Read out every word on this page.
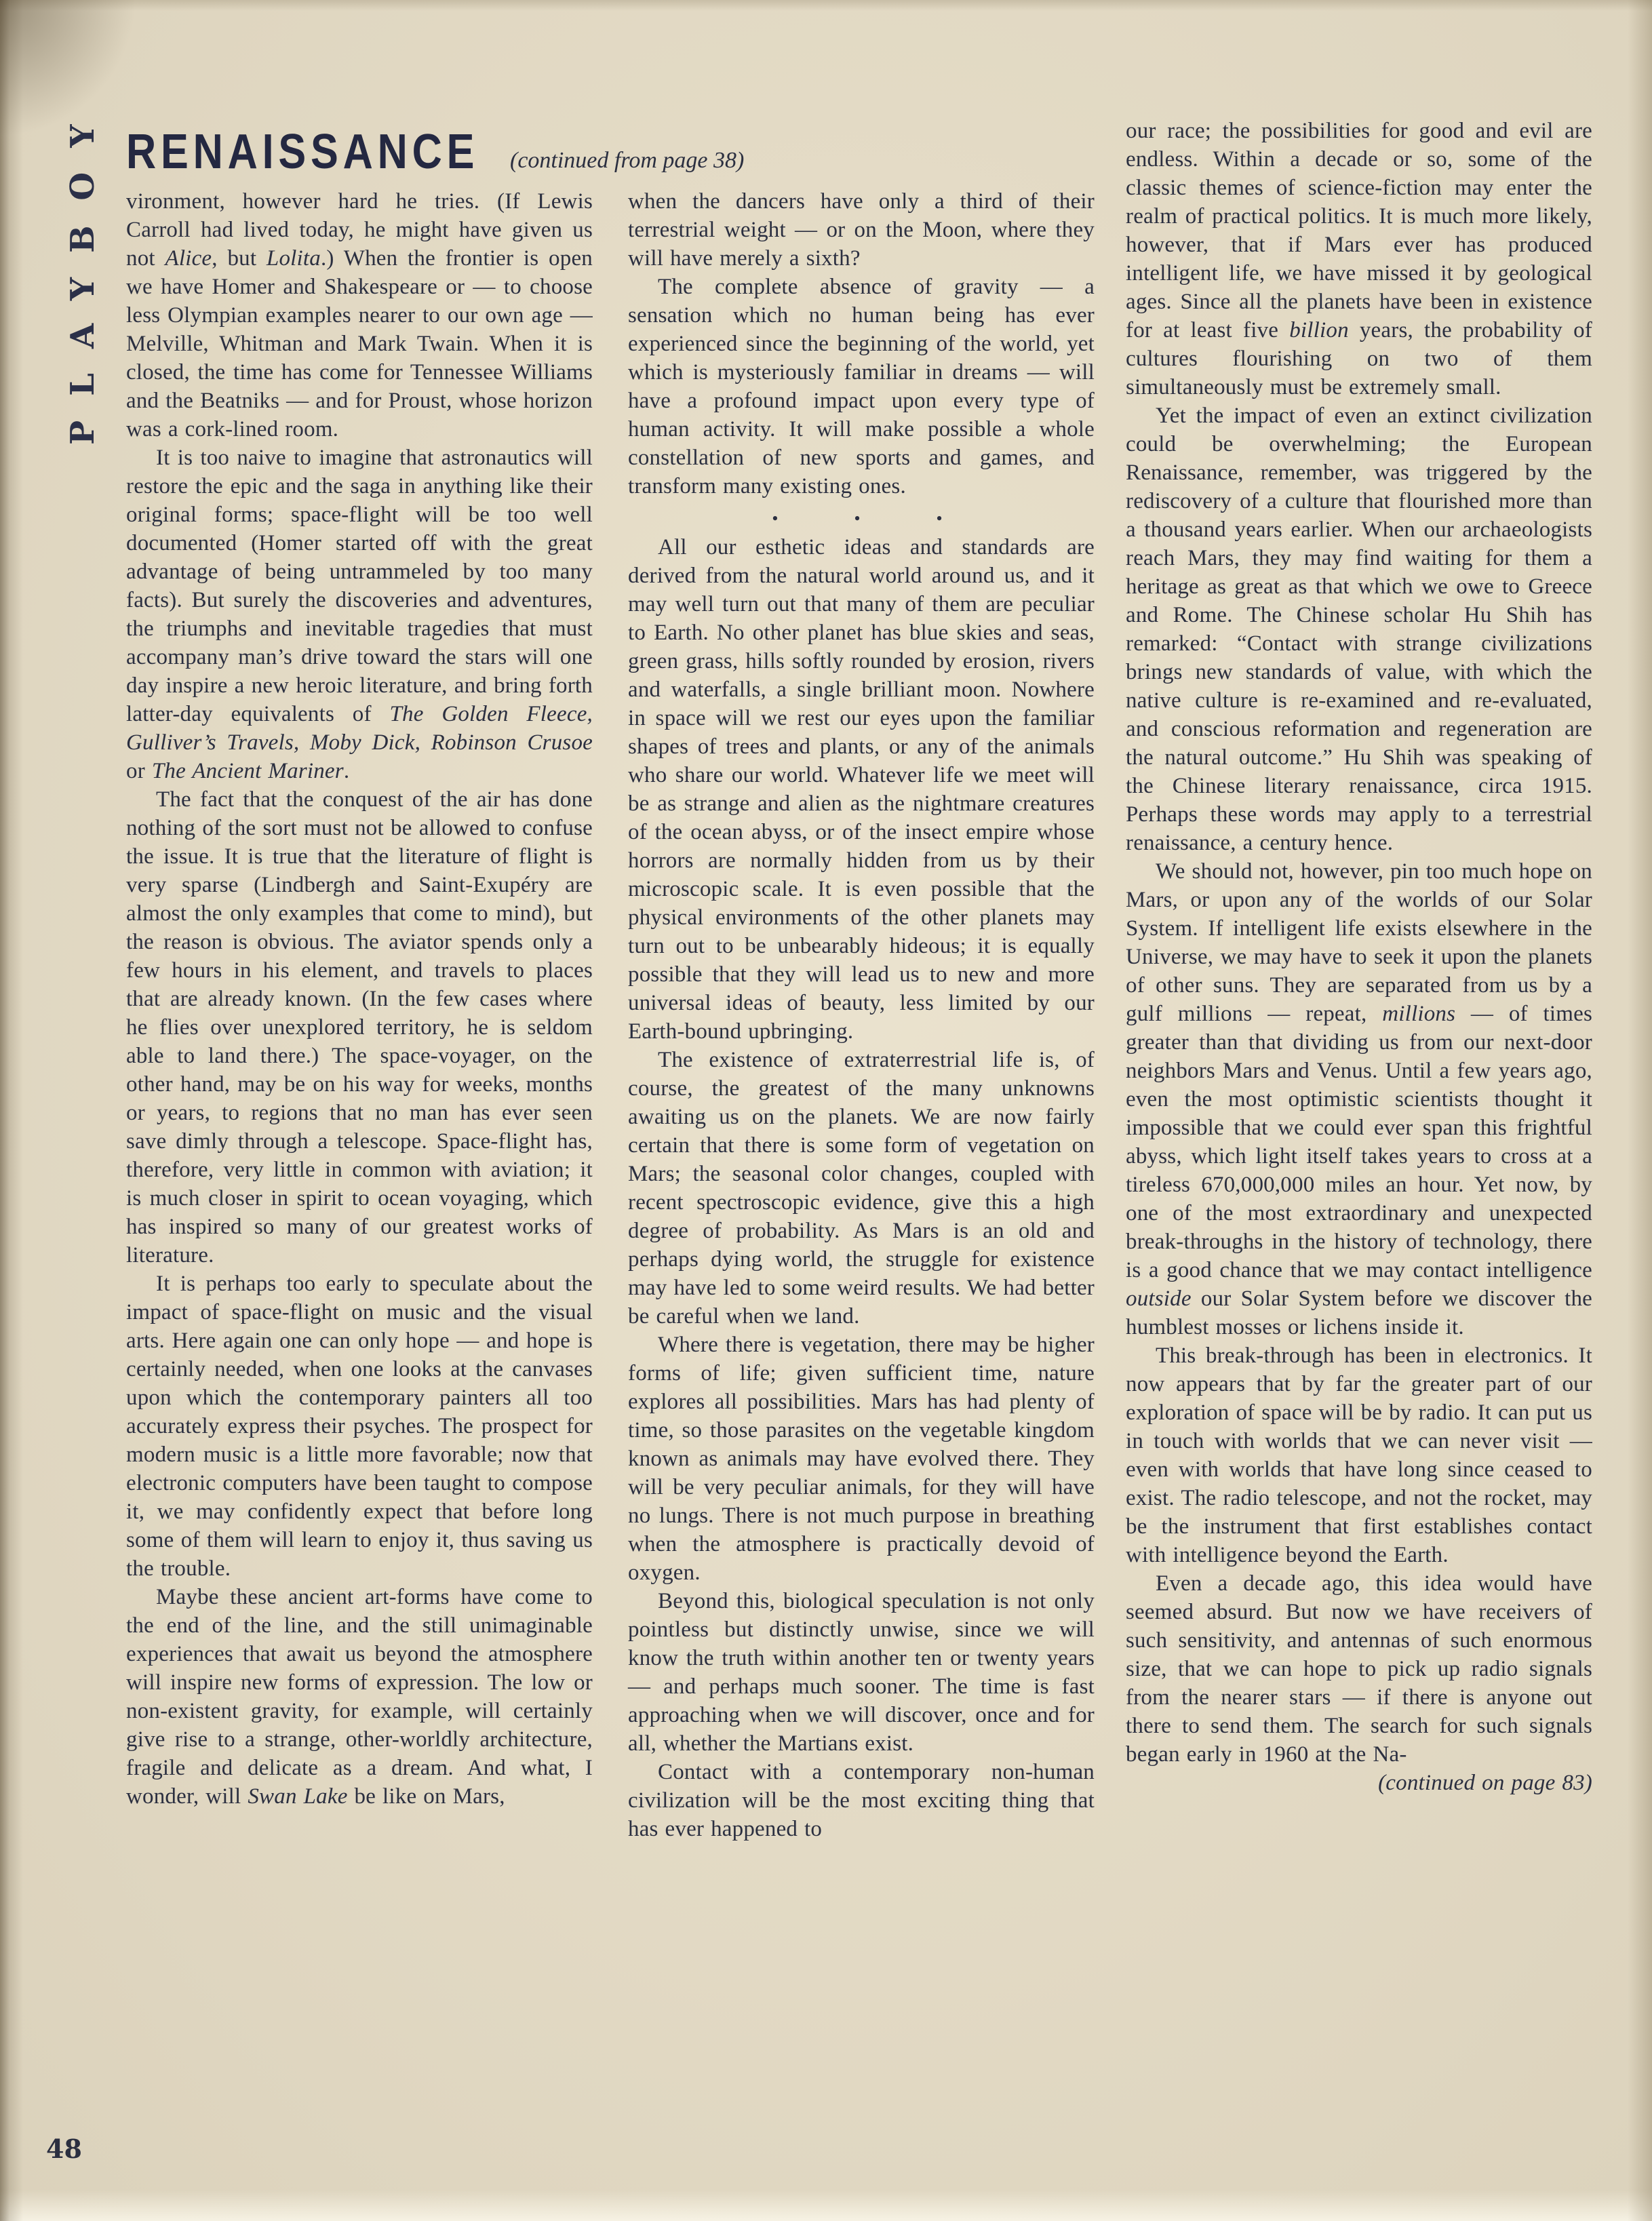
PLAYBOY RENAISSANCE (continued from page 38)

vironment, however hard he tries. (If Lewis Carroll had lived today, he might have given us not Alice, but Lolita.) When the frontier is open we have Homer and Shakespeare or — to choose less Olympian examples nearer to our own age — Melville, Whitman and Mark Twain. When it is closed, the time has come for Tennessee Williams and the Beatniks — and for Proust, whose horizon was a cork-lined room.

It is too naive to imagine that astronautics will restore the epic and the saga in anything like their original forms; space-flight will be too well documented (Homer started off with the great advantage of being untrammeled by too many facts). But surely the discoveries and adventures, the triumphs and inevitable tragedies that must accompany man’s drive toward the stars will one day inspire a new heroic literature, and bring forth latter-day equivalents of The Golden Fleece, Gulliver’s Travels, Moby Dick, Robinson Crusoe or The Ancient Mariner.

The fact that the conquest of the air has done nothing of the sort must not be allowed to confuse the issue. It is true that the literature of flight is very sparse (Lindbergh and Saint-Exupéry are almost the only examples that come to mind), but the reason is obvious. The aviator spends only a few hours in his element, and travels to places that are already known. (In the few cases where he flies over unexplored territory, he is seldom able to land there.) The space-voyager, on the other hand, may be on his way for weeks, months or years, to regions that no man has ever seen save dimly through a telescope. Space-flight has, therefore, very little in common with aviation; it is much closer in spirit to ocean voyaging, which has inspired so many of our greatest works of literature.

It is perhaps too early to speculate about the impact of space-flight on music and the visual arts. Here again one can only hope — and hope is certainly needed, when one looks at the canvases upon which the contemporary painters all too accurately express their psyches. The prospect for modern music is a little more favorable; now that electronic computers have been taught to compose it, we may confidently expect that before long some of them will learn to enjoy it, thus saving us the trouble.

Maybe these ancient art-forms have come to the end of the line, and the still unimaginable experiences that await us beyond the atmosphere will inspire new forms of expression. The low or non-existent gravity, for example, will certainly give rise to a strange, other-worldly architecture, fragile and delicate as a dream. And what, I wonder, will Swan Lake be like on Mars,

when the dancers have only a third of their terrestrial weight — or on the Moon, where they will have merely a sixth?

The complete absence of gravity — a sensation which no human being has ever experienced since the beginning of the world, yet which is mysteriously familiar in dreams — will have a profound impact upon every type of human activity. It will make possible a whole constellation of new sports and games, and transform many existing ones.

• • •

All our esthetic ideas and standards are derived from the natural world around us, and it may well turn out that many of them are peculiar to Earth. No other planet has blue skies and seas, green grass, hills softly rounded by erosion, rivers and waterfalls, a single brilliant moon. Nowhere in space will we rest our eyes upon the familiar shapes of trees and plants, or any of the animals who share our world. Whatever life we meet will be as strange and alien as the nightmare creatures of the ocean abyss, or of the insect empire whose horrors are normally hidden from us by their microscopic scale. It is even possible that the physical environments of the other planets may turn out to be unbearably hideous; it is equally possible that they will lead us to new and more universal ideas of beauty, less limited by our Earth-bound upbringing.

The existence of extraterrestrial life is, of course, the greatest of the many unknowns awaiting us on the planets. We are now fairly certain that there is some form of vegetation on Mars; the seasonal color changes, coupled with recent spectroscopic evidence, give this a high degree of probability. As Mars is an old and perhaps dying world, the struggle for existence may have led to some weird results. We had better be careful when we land.

Where there is vegetation, there may be higher forms of life; given sufficient time, nature explores all possibilities. Mars has had plenty of time, so those parasites on the vegetable kingdom known as animals may have evolved there. They will be very peculiar animals, for they will have no lungs. There is not much purpose in breathing when the atmosphere is practically devoid of oxygen.

Beyond this, biological speculation is not only pointless but distinctly unwise, since we will know the truth within another ten or twenty years — and perhaps much sooner. The time is fast approaching when we will discover, once and for all, whether the Martians exist.

Contact with a contemporary non-human civilization will be the most exciting thing that has ever happened to

our race; the possibilities for good and evil are endless. Within a decade or so, some of the classic themes of science-fiction may enter the realm of practical politics. It is much more likely, however, that if Mars ever has produced intelligent life, we have missed it by geological ages. Since all the planets have been in existence for at least five billion years, the probability of cultures flourishing on two of them simultaneously must be extremely small.

Yet the impact of even an extinct civilization could be overwhelming; the European Renaissance, remember, was triggered by the rediscovery of a culture that flourished more than a thousand years earlier. When our archaeologists reach Mars, they may find waiting for them a heritage as great as that which we owe to Greece and Rome. The Chinese scholar Hu Shih has remarked: “Contact with strange civilizations brings new standards of value, with which the native culture is re-examined and re-evaluated, and conscious reformation and regeneration are the natural outcome.” Hu Shih was speaking of the Chinese literary renaissance, circa 1915. Perhaps these words may apply to a terrestrial renaissance, a century hence.

We should not, however, pin too much hope on Mars, or upon any of the worlds of our Solar System. If intelligent life exists elsewhere in the Universe, we may have to seek it upon the planets of other suns. They are separated from us by a gulf millions — repeat, millions — of times greater than that dividing us from our next-door neighbors Mars and Venus. Until a few years ago, even the most optimistic scientists thought it impossible that we could ever span this frightful abyss, which light itself takes years to cross at a tireless 670,000,000 miles an hour. Yet now, by one of the most extraordinary and unexpected break-throughs in the history of technology, there is a good chance that we may contact intelligence outside our Solar System before we discover the humblest mosses or lichens inside it.

This break-through has been in electronics. It now appears that by far the greater part of our exploration of space will be by radio. It can put us in touch with worlds that we can never visit — even with worlds that have long since ceased to exist. The radio telescope, and not the rocket, may be the instrument that first establishes contact with intelligence beyond the Earth.

Even a decade ago, this idea would have seemed absurd. But now we have receivers of such sensitivity, and antennas of such enormous size, that we can hope to pick up radio signals from the nearer stars — if there is anyone out there to send them. The search for such signals began early in 1960 at the Na-

(continued on page 83)

48
